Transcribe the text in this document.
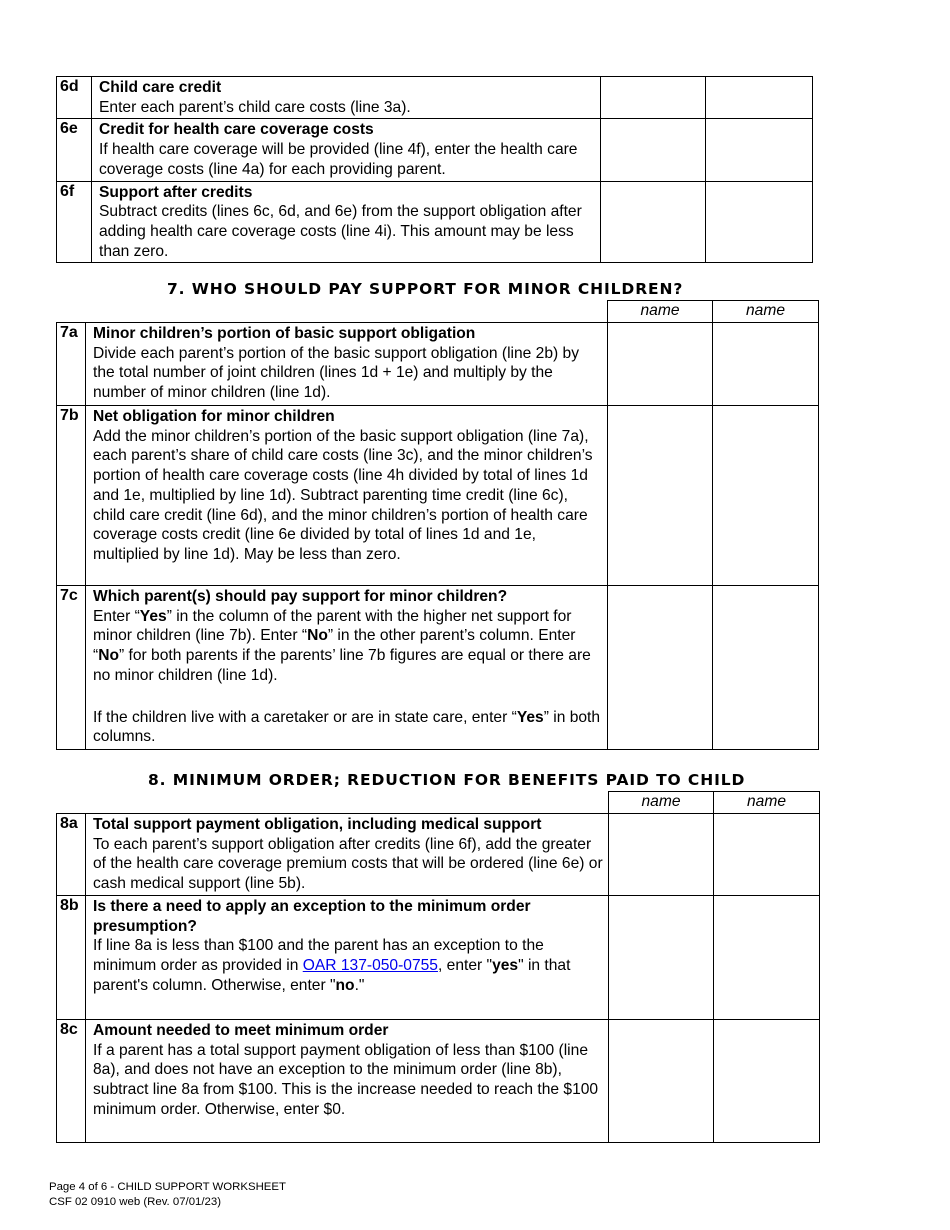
6d	Child care credit

Enter each parent’s child care costs (line 3a).		

6e	Credit for health care coverage costs

If health care coverage will be provided (line 4f), enter the health care coverage costs (line 4a) for each providing parent.		

6f	Support after credits

Subtract credits (lines 6c, 6d, and 6e) from the support obligation after adding health care coverage costs (line 4i). This amount may be less than zero.		

7. WHO SHOULD PAY SUPPORT FOR MINOR CHILDREN?
		name	name
7a	Minor children’s portion of basic support obligation

Divide each parent’s portion of the basic support obligation (line 2b) by the total number of joint children (lines 1d + 1e) and multiply by the number of minor children (line 1d).		

7b	Net obligation for minor children

Add the minor children’s portion of the basic support obligation (line 7a), each parent’s share of child care costs (line 3c), and the minor children’s portion of health care coverage costs (line 4h divided by total of lines 1d and 1e, multiplied by line 1d). Subtract parenting time credit (line 6c), child care credit (line 6d), and the minor children’s portion of health care coverage costs credit (line 6e divided by total of lines 1d and 1e, multiplied by line 1d). May be less than zero.		

7c	Which parent(s) should pay support for minor children?

Enter “Yes” in the column of the parent with the higher net support for minor children (line 7b). Enter “No” in the other parent’s column. Enter “No” for both parents if the parents’ line 7b figures are equal or there are no minor children (line 1d).

If the children live with a caretaker or are in state care, enter “Yes” in both columns.		

8. MINIMUM ORDER; REDUCTION FOR BENEFITS PAID TO CHILD
		name	name
8a	Total support payment obligation, including medical support

To each parent’s support obligation after credits (line 6f), add the greater of the health care coverage premium costs that will be ordered (line 6e) or cash medical support (line 5b).		

8b	Is there a need to apply an exception to the minimum order presumption?

If line 8a is less than $100 and the parent has an exception to the minimum order as provided in OAR 137-050-0755, enter "yes" in that parent's column. Otherwise, enter "no."		

8c	Amount needed to meet minimum order

If a parent has a total support payment obligation of less than $100 (line 8a), and does not have an exception to the minimum order (line 8b), subtract line 8a from $100. This is the increase needed to reach the $100 minimum order. Otherwise, enter $0.		

Page 4 of 6 - CHILD SUPPORT WORKSHEET
CSF 02 0910 web (Rev. 07/01/23)
